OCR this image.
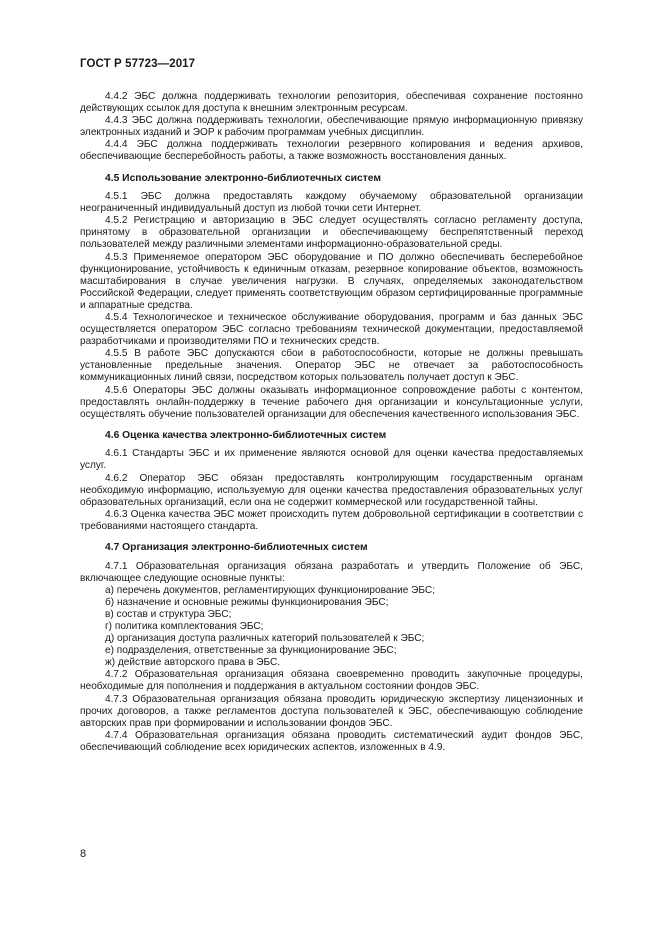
ГОСТ Р 57723—2017

4.4.2 ЭБС должна поддерживать технологии репозитория, обеспечивая сохранение постоянно действующих ссылок для доступа к внешним электронным ресурсам.

4.4.3 ЭБС должна поддерживать технологии, обеспечивающие прямую информационную привязку электронных изданий и ЭОР к рабочим программам учебных дисциплин.

4.4.4 ЭБС должна поддерживать технологии резервного копирования и ведения архивов, обеспечивающие бесперебойность работы, а также возможность восстановления данных.

4.5 Использование электронно-библиотечных систем

4.5.1 ЭБС должна предоставлять каждому обучаемому образовательной организации неограниченный индивидуальный доступ из любой точки сети Интернет.

4.5.2 Регистрацию и авторизацию в ЭБС следует осуществлять согласно регламенту доступа, принятому в образовательной организации и обеспечивающему беспрепятственный переход пользователей между различными элементами информационно-образовательной среды.

4.5.3 Применяемое оператором ЭБС оборудование и ПО должно обеспечивать бесперебойное функционирование, устойчивость к единичным отказам, резервное копирование объектов, возможность масштабирования в случае увеличения нагрузки. В случаях, определяемых законодательством Российской Федерации, следует применять соответствующим образом сертифицированные программные и аппаратные средства.

4.5.4 Технологическое и техническое обслуживание оборудования, программ и баз данных ЭБС осуществляется оператором ЭБС согласно требованиям технической документации, предоставляемой разработчиками и производителями ПО и технических средств.

4.5.5 В работе ЭБС допускаются сбои в работоспособности, которые не должны превышать установленные предельные значения. Оператор ЭБС не отвечает за работоспособность коммуникационных линий связи, посредством которых пользователь получает доступ к ЭБС.

4.5.6 Операторы ЭБС должны оказывать информационное сопровождение работы с контентом, предоставлять онлайн-поддержку в течение рабочего дня организации и консультационные услуги, осуществлять обучение пользователей организации для обеспечения качественного использования ЭБС.

4.6 Оценка качества электронно-библиотечных систем

4.6.1 Стандарты ЭБС и их применение являются основой для оценки качества предоставляемых услуг.

4.6.2 Оператор ЭБС обязан предоставлять контролирующим государственным органам необходимую информацию, используемую для оценки качества предоставления образовательных услуг образовательных организаций, если она не содержит коммерческой или государственной тайны.

4.6.3 Оценка качества ЭБС может происходить путем добровольной сертификации в соответствии с требованиями настоящего стандарта.

4.7 Организация электронно-библиотечных систем

4.7.1 Образовательная организация обязана разработать и утвердить Положение об ЭБС, включающее следующие основные пункты:

а) перечень документов, регламентирующих функционирование ЭБС;

б) назначение и основные режимы функционирования ЭБС;

в) состав и структура ЭБС;

г) политика комплектования ЭБС;

д) организация доступа различных категорий пользователей к ЭБС;

е) подразделения, ответственные за функционирование ЭБС;

ж) действие авторского права в ЭБС.

4.7.2 Образовательная организация обязана своевременно проводить закупочные процедуры, необходимые для пополнения и поддержания в актуальном состоянии фондов ЭБС.

4.7.3 Образовательная организация обязана проводить юридическую экспертизу лицензионных и прочих договоров, а также регламентов доступа пользователей к ЭБС, обеспечивающую соблюдение авторских прав при формировании и использовании фондов ЭБС.

4.7.4 Образовательная организация обязана проводить систематический аудит фондов ЭБС, обеспечивающий соблюдение всех юридических аспектов, изложенных в 4.9.

8
